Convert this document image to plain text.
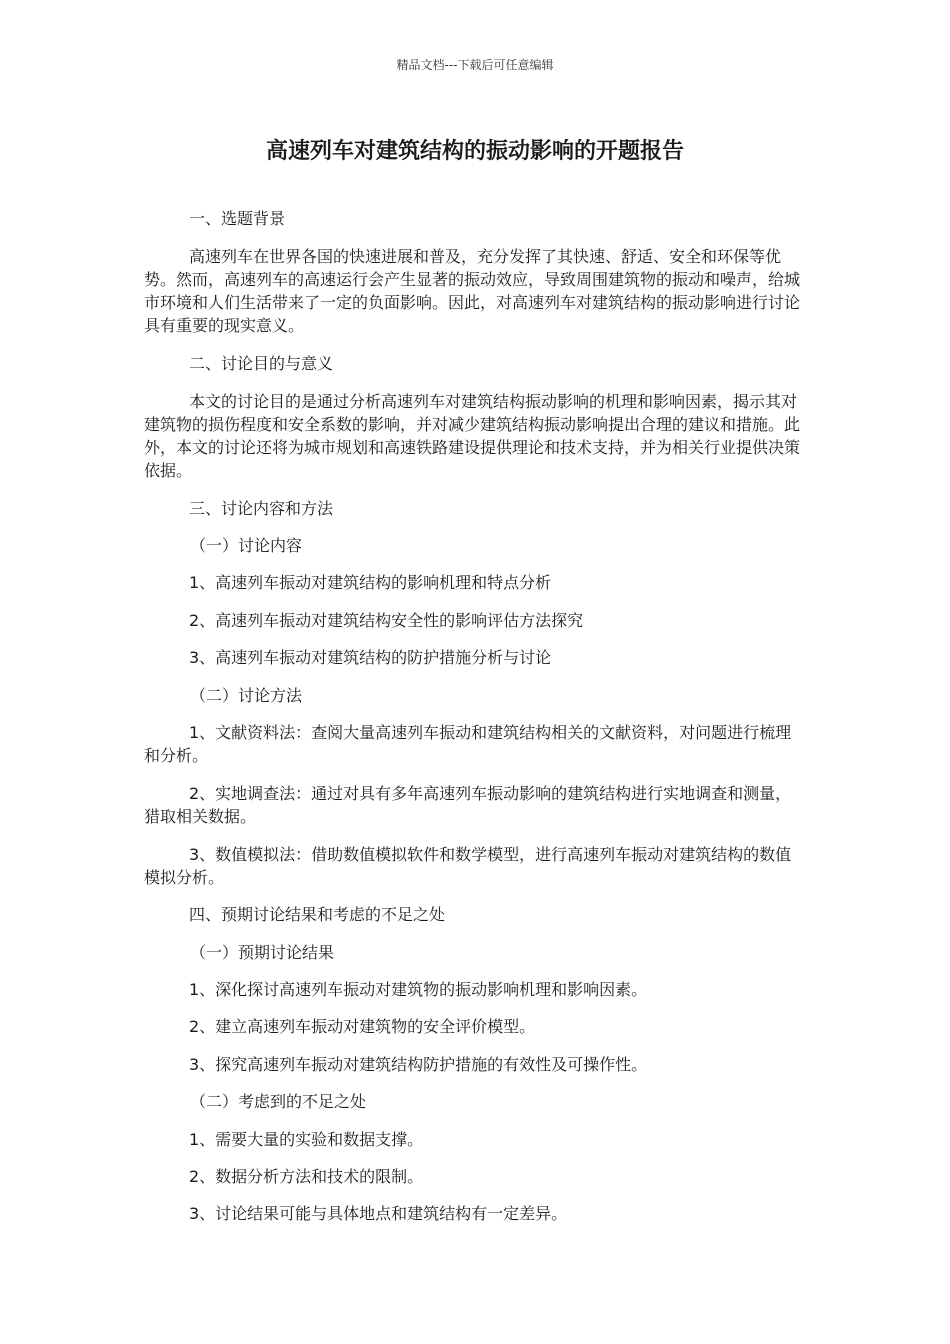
精品文档---下载后可任意编辑
高速列车对建筑结构的振动影响的开题报告

一、选题背景

高速列车在世界各国的快速进展和普及，充分发挥了其快速、舒适、安全和环保等优势。然而，高速列车的高速运行会产生显著的振动效应，导致周围建筑物的振动和噪声，给城市环境和人们生活带来了一定的负面影响。因此，对高速列车对建筑结构的振动影响进行讨论具有重要的现实意义。

二、讨论目的与意义

本文的讨论目的是通过分析高速列车对建筑结构振动影响的机理和影响因素，揭示其对建筑物的损伤程度和安全系数的影响，并对减少建筑结构振动影响提出合理的建议和措施。此外，本文的讨论还将为城市规划和高速铁路建设提供理论和技术支持，并为相关行业提供决策依据。

三、讨论内容和方法

（一）讨论内容

1、高速列车振动对建筑结构的影响机理和特点分析

2、高速列车振动对建筑结构安全性的影响评估方法探究

3、高速列车振动对建筑结构的防护措施分析与讨论

（二）讨论方法

1、文献资料法：查阅大量高速列车振动和建筑结构相关的文献资料，对问题进行梳理和分析。

2、实地调查法：通过对具有多年高速列车振动影响的建筑结构进行实地调查和测量，猎取相关数据。

3、数值模拟法：借助数值模拟软件和数学模型，进行高速列车振动对建筑结构的数值模拟分析。

四、预期讨论结果和考虑的不足之处

（一）预期讨论结果

1、深化探讨高速列车振动对建筑物的振动影响机理和影响因素。

2、建立高速列车振动对建筑物的安全评价模型。

3、探究高速列车振动对建筑结构防护措施的有效性及可操作性。

（二）考虑到的不足之处

1、需要大量的实验和数据支撑。

2、数据分析方法和技术的限制。

3、讨论结果可能与具体地点和建筑结构有一定差异。
